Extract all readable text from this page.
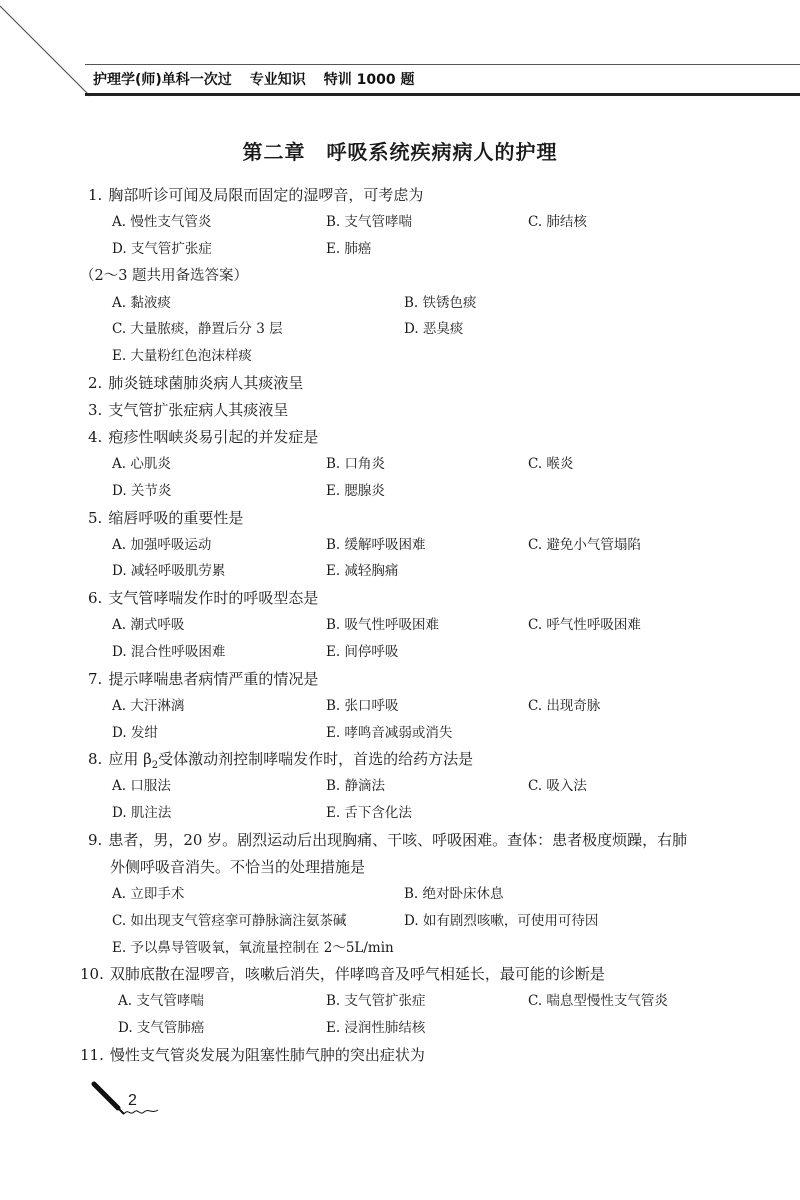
护理学(师)单科一次过 专业知识 特训 1000 题
第二章　呼吸系统疾病病人的护理
1. 胸部听诊可闻及局限而固定的湿啰音，可考虑为
A. 慢性支气管炎	B. 支气管哮喘	C. 肺结核
D. 支气管扩张症	E. 肺癌
（2～3 题共用备选答案）
A. 黏液痰	B. 铁锈色痰
C. 大量脓痰，静置后分 3 层	D. 恶臭痰
E. 大量粉红色泡沫样痰
2. 肺炎链球菌肺炎病人其痰液呈
3. 支气管扩张症病人其痰液呈
4. 疱疹性咽峡炎易引起的并发症是
A. 心肌炎	B. 口角炎	C. 喉炎
D. 关节炎	E. 腮腺炎
5. 缩唇呼吸的重要性是
A. 加强呼吸运动	B. 缓解呼吸困难	C. 避免小气管塌陷
D. 减轻呼吸肌劳累	E. 减轻胸痛
6. 支气管哮喘发作时的呼吸型态是
A. 潮式呼吸	B. 吸气性呼吸困难	C. 呼气性呼吸困难
D. 混合性呼吸困难	E. 间停呼吸
7. 提示哮喘患者病情严重的情况是
A. 大汗淋漓	B. 张口呼吸	C. 出现奇脉
D. 发绀	E. 哮鸣音减弱或消失
8. 应用 $\beta_2$受体激动剂控制哮喘发作时，首选的给药方法是
A. 口服法	B. 静滴法	C. 吸入法
D. 肌注法	E. 舌下含化法
9. 患者，男，20 岁。剧烈运动后出现胸痛、干咳、呼吸困难。查体：患者极度烦躁，右肺
外侧呼吸音消失。不恰当的处理措施是
A. 立即手术	B. 绝对卧床休息
C. 如出现支气管痉挛可静脉滴注氨茶碱	D. 如有剧烈咳嗽，可使用可待因
E. 予以鼻导管吸氧，氧流量控制在 2～5L/min
10. 双肺底散在湿啰音，咳嗽后消失，伴哮鸣音及呼气相延长，最可能的诊断是
A. 支气管哮喘	B. 支气管扩张症	C. 喘息型慢性支气管炎
D. 支气管肺癌	E. 浸润性肺结核
11. 慢性支气管炎发展为阻塞性肺气肿的突出症状为
2
